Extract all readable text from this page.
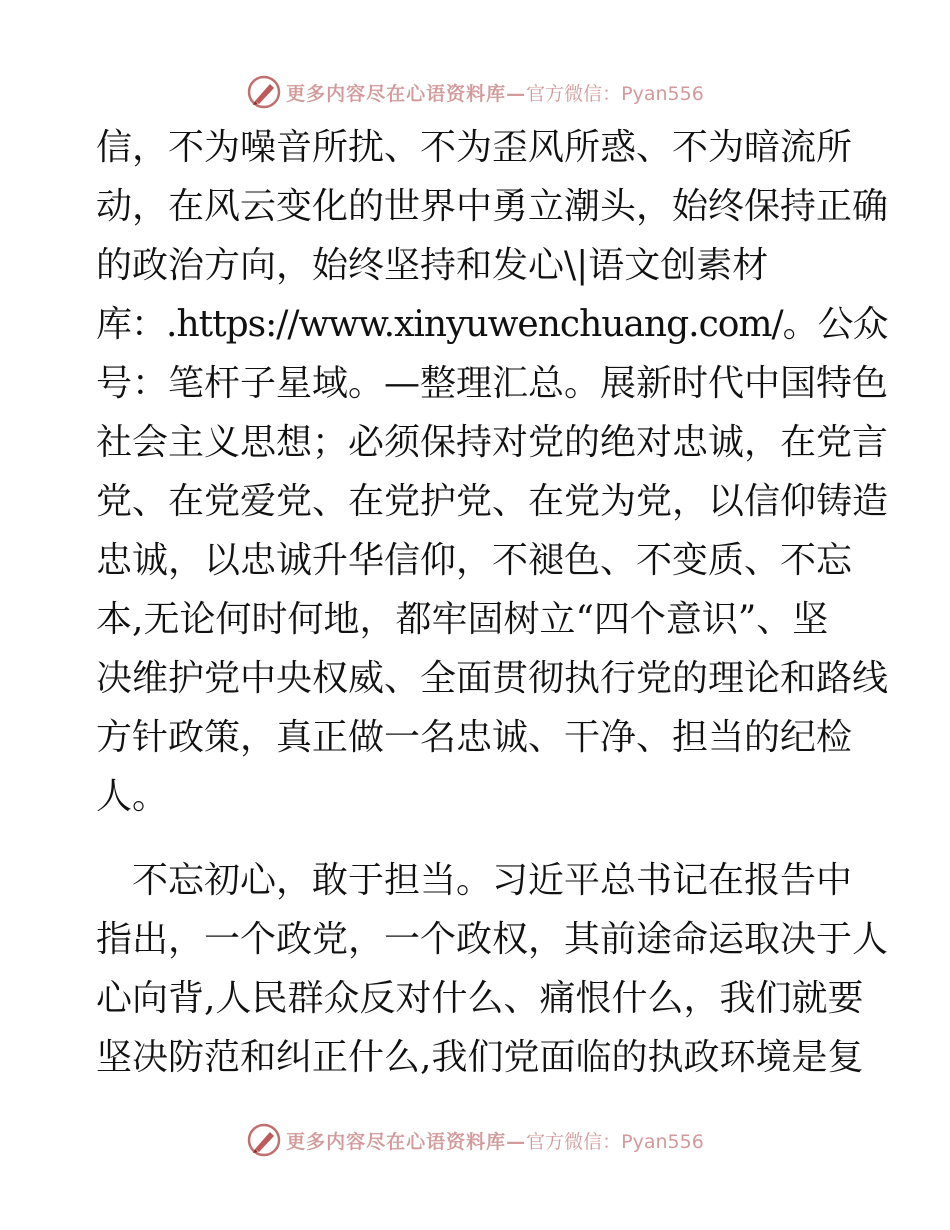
更多内容尽在心语资料库— 官方微信：Pyan556
信，不为噪音所扰、不为歪风所惑、不为暗流所
动，在风云变化的世界中勇立潮头，始终保持正确
的政治方向，始终坚持和发心\|语文创素材
库：.https://www.xinyuwenchuang.com/。公众
号：笔杆子星域。—整理汇总。展新时代中国特色
社会主义思想；必须保持对党的绝对忠诚，在党言
党、在党爱党、在党护党、在党为党，以信仰铸造
忠诚，以忠诚升华信仰，不褪色、不变质、不忘
本,无论何时何地，都牢固树立“四个意识”、坚
决维护党中央权威、全面贯彻执行党的理论和路线
方针政策，真正做一名忠诚、干净、担当的纪检
人。
　不忘初心，敢于担当。习近平总书记在报告中
指出，一个政党，一个政权，其前途命运取决于人
心向背,人民群众反对什么、痛恨什么，我们就要
坚决防范和纠正什么,我们党面临的执政环境是复
更多内容尽在心语资料库— 官方微信：Pyan556
